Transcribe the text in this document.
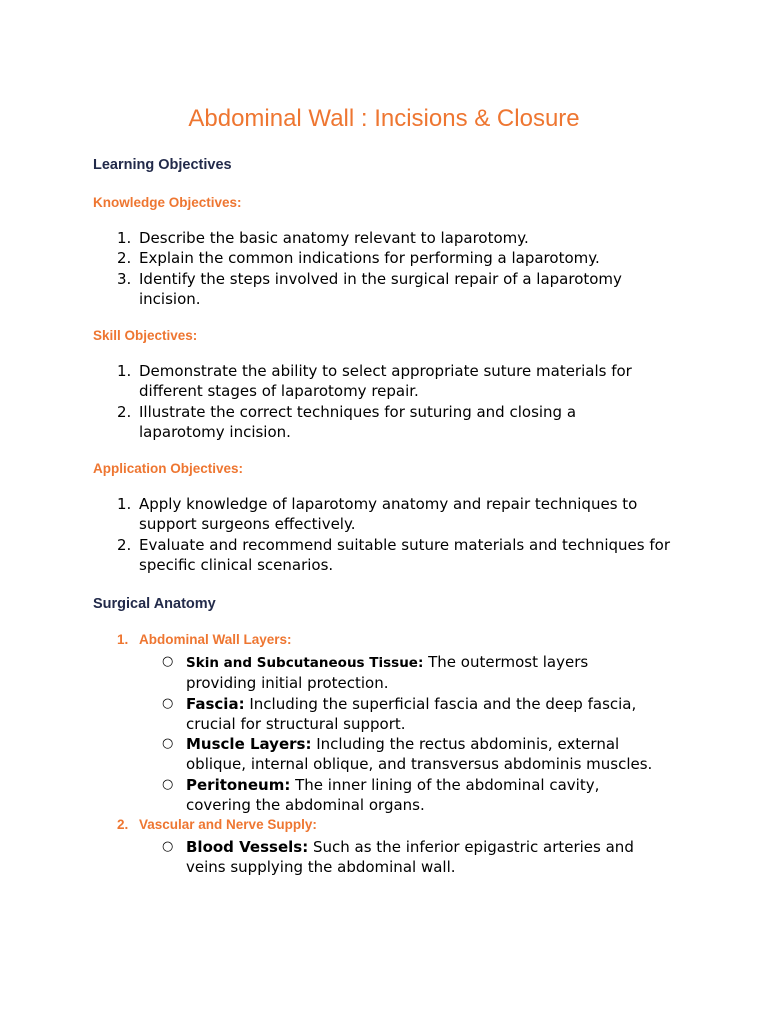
Abdominal Wall : Incisions & Closure
Learning Objectives
Knowledge Objectives:
1. Describe the basic anatomy relevant to laparotomy.
2. Explain the common indications for performing a laparotomy.
3. Identify the steps involved in the surgical repair of a laparotomy incision.
Skill Objectives:
1. Demonstrate the ability to select appropriate suture materials for different stages of laparotomy repair.
2. Illustrate the correct techniques for suturing and closing a laparotomy incision.
Application Objectives:
1. Apply knowledge of laparotomy anatomy and repair techniques to support surgeons effectively.
2. Evaluate and recommend suitable suture materials and techniques for specific clinical scenarios.
Surgical Anatomy
1. Abdominal Wall Layers:
○ Skin and Subcutaneous Tissue: The outermost layers providing initial protection.
○ Fascia: Including the superficial fascia and the deep fascia, crucial for structural support.
○ Muscle Layers: Including the rectus abdominis, external oblique, internal oblique, and transversus abdominis muscles.
○ Peritoneum: The inner lining of the abdominal cavity, covering the abdominal organs.
2. Vascular and Nerve Supply:
○ Blood Vessels: Such as the inferior epigastric arteries and veins supplying the abdominal wall.
